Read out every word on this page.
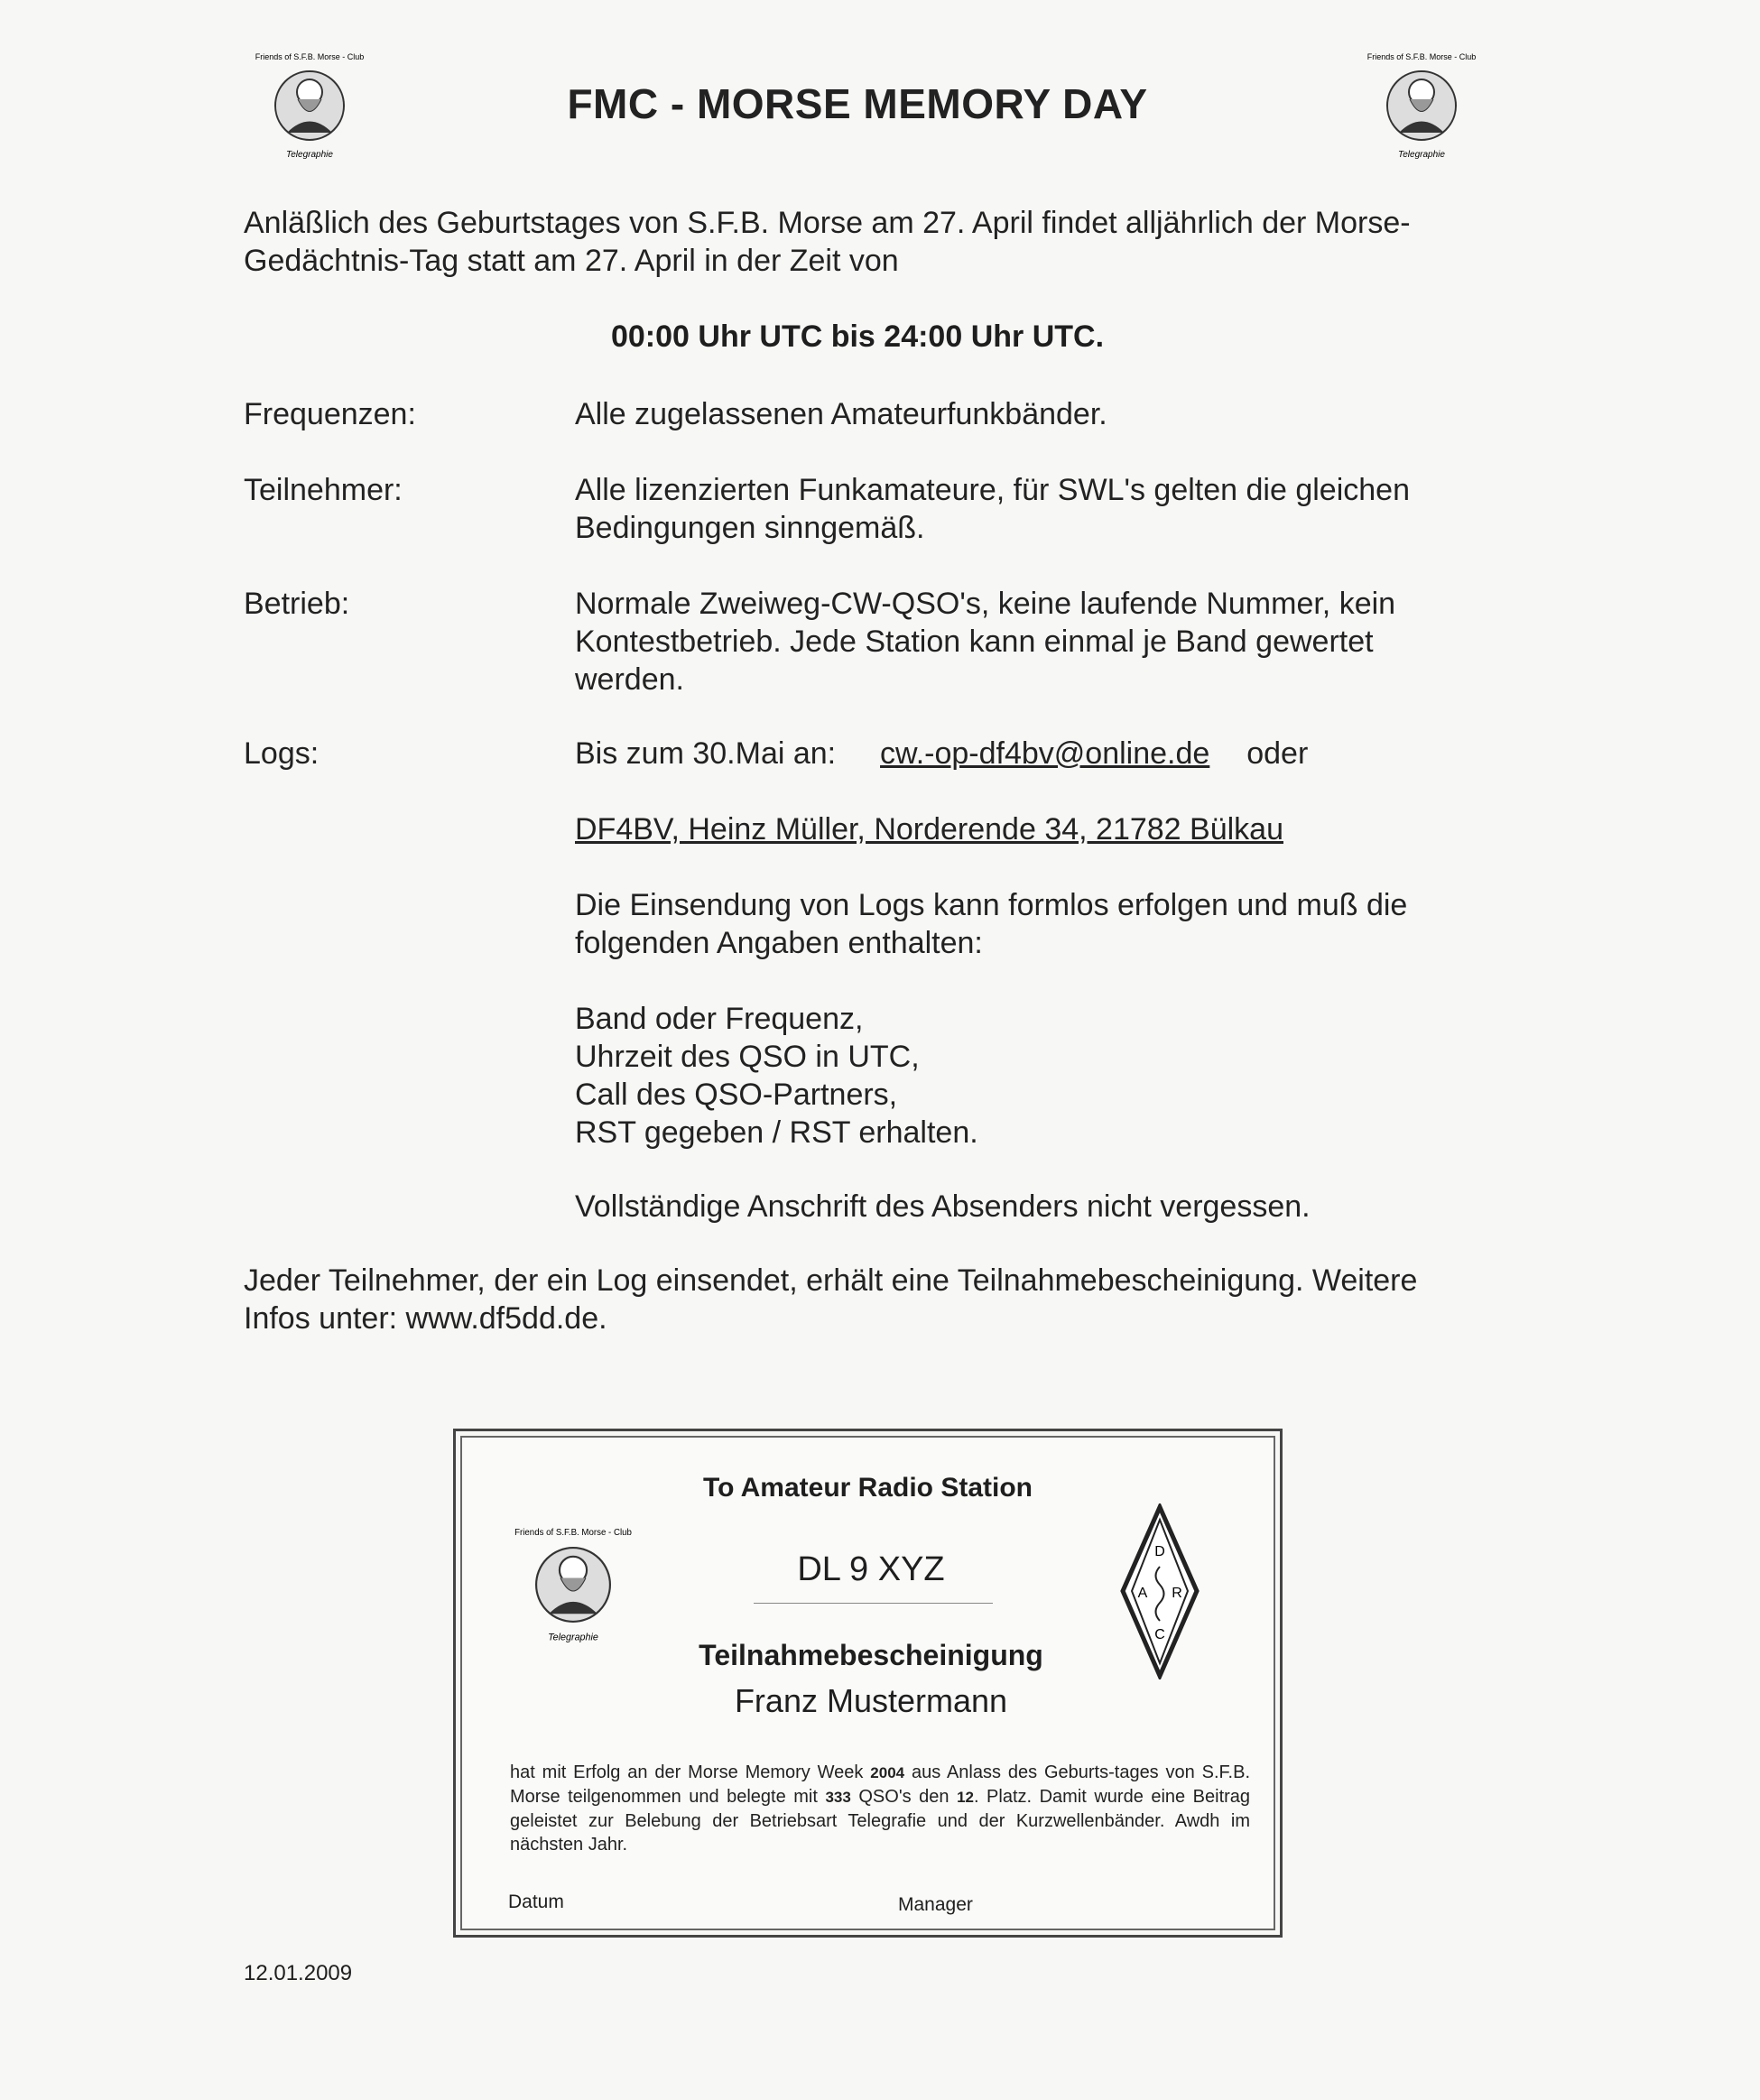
Friends of S.F.B. Morse - Club
Telegraphie
Friends of S.F.B. Morse - Club
Telegraphie
FMC - MORSE MEMORY DAY
Anläßlich des Geburtstages von S.F.B. Morse am 27. April findet alljährlich der Morse-
Gedächtnis-Tag statt am 27. April in der Zeit von
00:00 Uhr UTC bis 24:00 Uhr UTC.
Frequenzen:	Alle zugelassenen Amateurfunkbänder.
Teilnehmer:	Alle lizenzierten Funkamateure, für SWL's gelten die gleichen
Bedingungen sinngemäß.
Betrieb:	Normale Zweiweg-CW-QSO's, keine laufende Nummer, kein
Kontestbetrieb. Jede Station kann einmal je Band gewertet
werden.
Logs:	Bis zum 30.Mai an: cw.-op-df4bv@online.de oder
DF4BV, Heinz Müller, Norderende 34, 21782 Bülkau
Die Einsendung von Logs kann formlos erfolgen und muß die
folgenden Angaben enthalten:
Band oder Frequenz,
Uhrzeit des QSO in UTC,
Call des QSO-Partners,
RST gegeben / RST erhalten.
Vollständige Anschrift des Absenders nicht vergessen.
Jeder Teilnehmer, der ein Log einsendet, erhält eine Teilnahmebescheinigung. Weitere
Infos unter: www.df5dd.de.
To Amateur Radio Station
Friends of S.F.B. Morse - Club
Telegraphie
DL 9 XYZ	D
A R
C
Teilnahmebescheinigung
Franz Mustermann
hat mit Erfolg an der Morse Memory Week 2004 aus Anlass des Geburts-tages von S.F.B. Morse teilgenommen und belegte mit 333 QSO's den 12. Platz. Damit wurde eine Beitrag geleistet zur Belebung der Betriebsart Telegrafie und der Kurzwellenbänder. Awdh im nächsten Jahr.
Datum	Manager
12.01.2009
